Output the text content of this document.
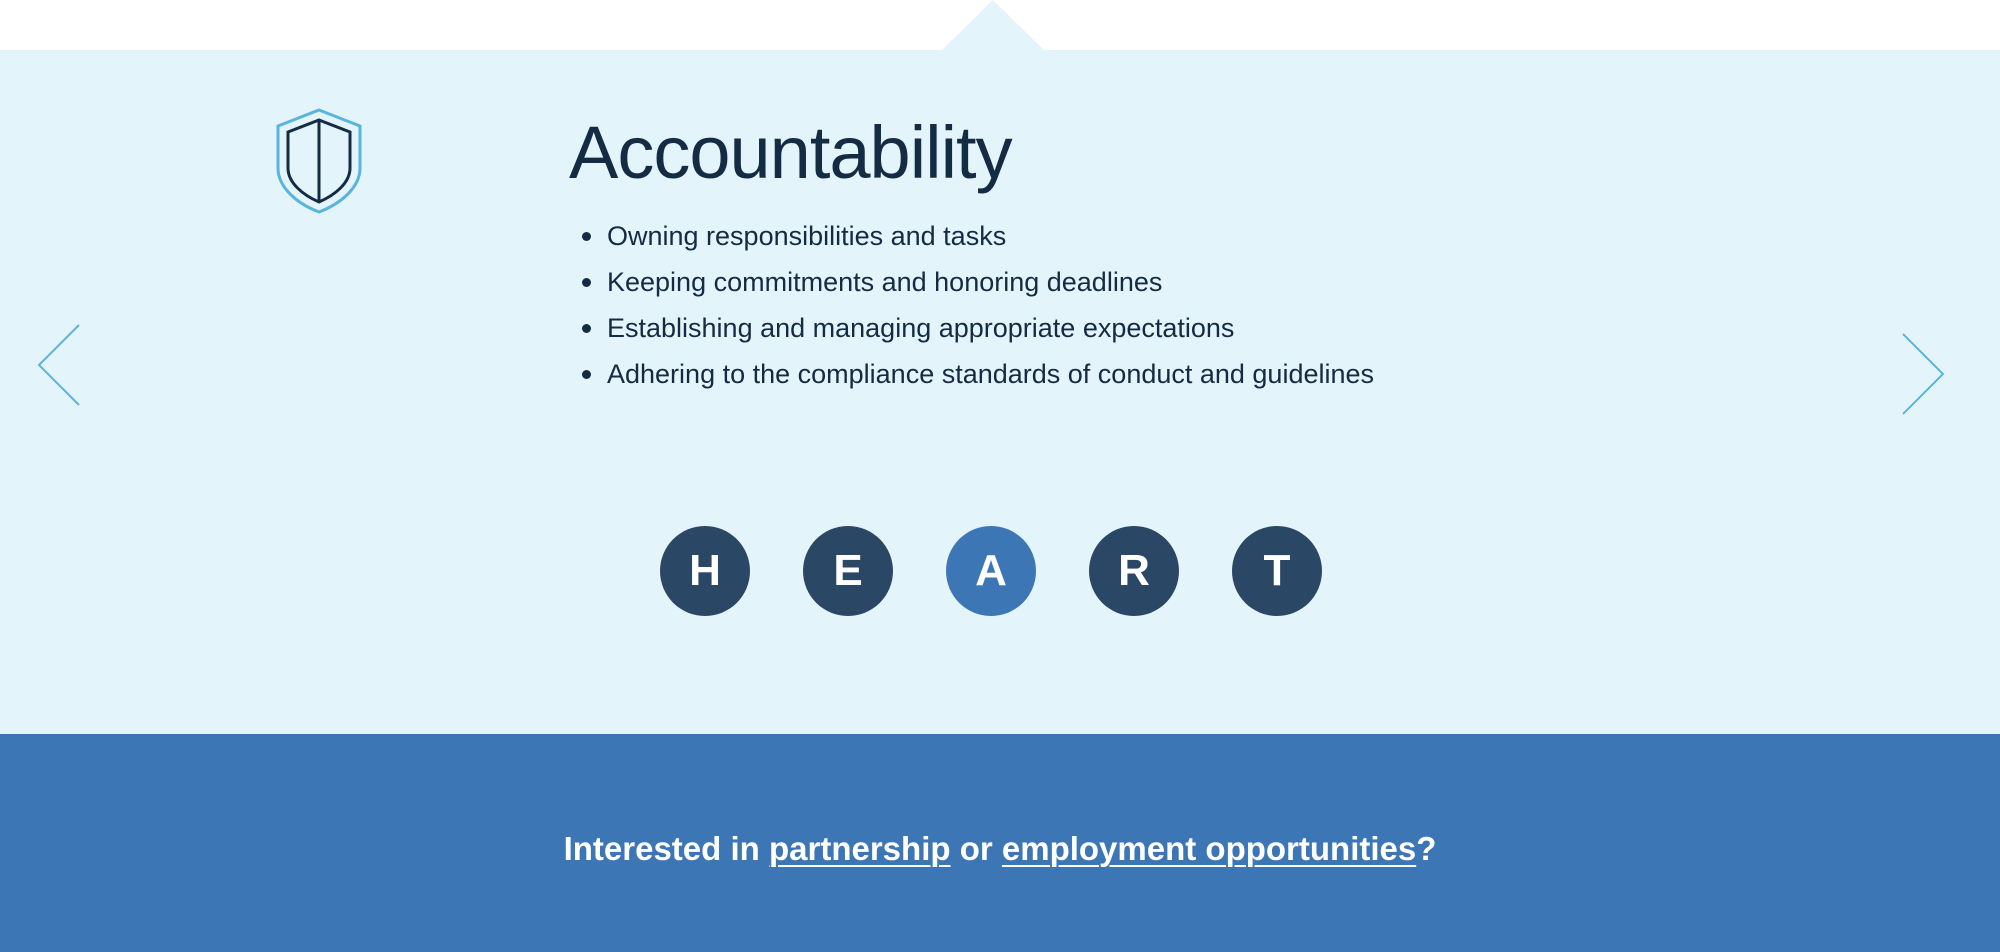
Accountability
Owning responsibilities and tasks
Keeping commitments and honoring deadlines
Establishing and managing appropriate expectations
Adhering to the compliance standards of conduct and guidelines
H	E	A	R	T

Interested in partnership or employment opportunities?
